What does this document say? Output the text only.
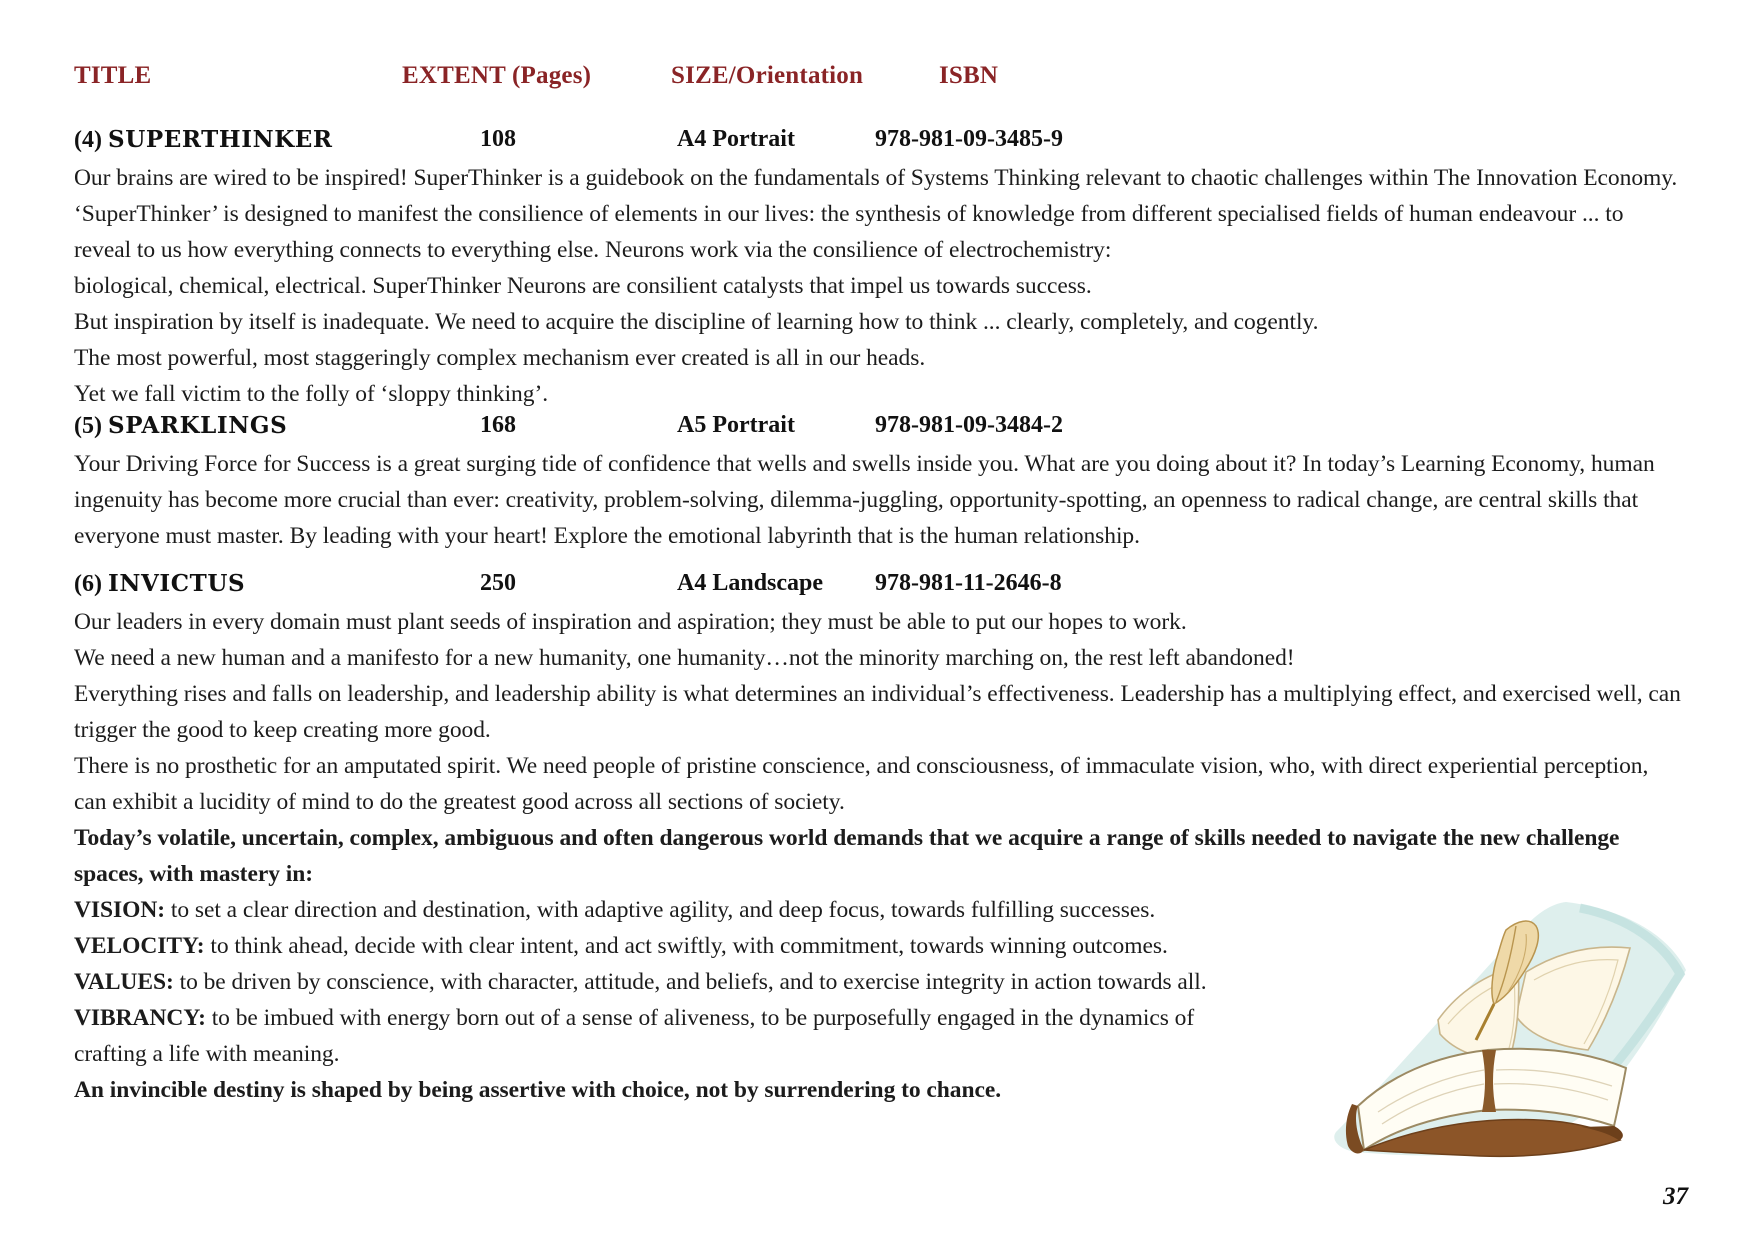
TITLE	EXTENT (Pages)	SIZE/Orientation	ISBN
(4) SUPERTHINKER	108	A4 Portrait	978-981-09-3485-9

Our brains are wired to be inspired! SuperThinker is a guidebook on the fundamentals of Systems Thinking relevant to chaotic challenges within The Innovation Economy. ‘SuperThinker’ is designed to manifest the consilience of elements in our lives: the synthesis of knowledge from different specialised fields of human endeavour ... to reveal to us how everything connects to everything else. Neurons work via the consilience of electrochemistry:

biological, chemical, electrical. SuperThinker Neurons are consilient catalysts that impel us towards success.

But inspiration by itself is inadequate. We need to acquire the discipline of learning how to think ... clearly, completely, and cogently.

The most powerful, most staggeringly complex mechanism ever created is all in our heads.

Yet we fall victim to the folly of ‘sloppy thinking’.

(5) SPARKLINGS	168	A5 Portrait	978-981-09-3484-2

Your Driving Force for Success is a great surging tide of confidence that wells and swells inside you. What are you doing about it? In today’s Learning Economy, human ingenuity has become more crucial than ever: creativity, problem-solving, dilemma-juggling, opportunity-spotting, an openness to radical change, are central skills that everyone must master. By leading with your heart! Explore the emotional labyrinth that is the human relationship.

(6) INVICTUS	250	A4 Landscape 978-981-11-2646-8

Our leaders in every domain must plant seeds of inspiration and aspiration; they must be able to put our hopes to work.

We need a new human and a manifesto for a new humanity, one humanity…not the minority marching on, the rest left abandoned!

Everything rises and falls on leadership, and leadership ability is what determines an individual’s effectiveness. Leadership has a multiplying effect, and exercised well, can trigger the good to keep creating more good.

There is no prosthetic for an amputated spirit. We need people of pristine conscience, and consciousness, of immaculate vision, who, with direct experiential perception, can exhibit a lucidity of mind to do the greatest good across all sections of society.

Today’s volatile, uncertain, complex, ambiguous and often dangerous world demands that we acquire a range of skills needed to navigate the new challenge spaces, with mastery in:

VISION: to set a clear direction and destination, with adaptive agility, and deep focus, towards fulfilling successes.

VELOCITY: to think ahead, decide with clear intent, and act swiftly, with commitment, towards winning outcomes.

VALUES: to be driven by conscience, with character, attitude, and beliefs, and to exercise integrity in action towards all.

VIBRANCY: to be imbued with energy born out of a sense of aliveness, to be purposefully engaged in the dynamics of crafting a life with meaning.

An invincible destiny is shaped by being assertive with choice, not by surrendering to chance.

37
